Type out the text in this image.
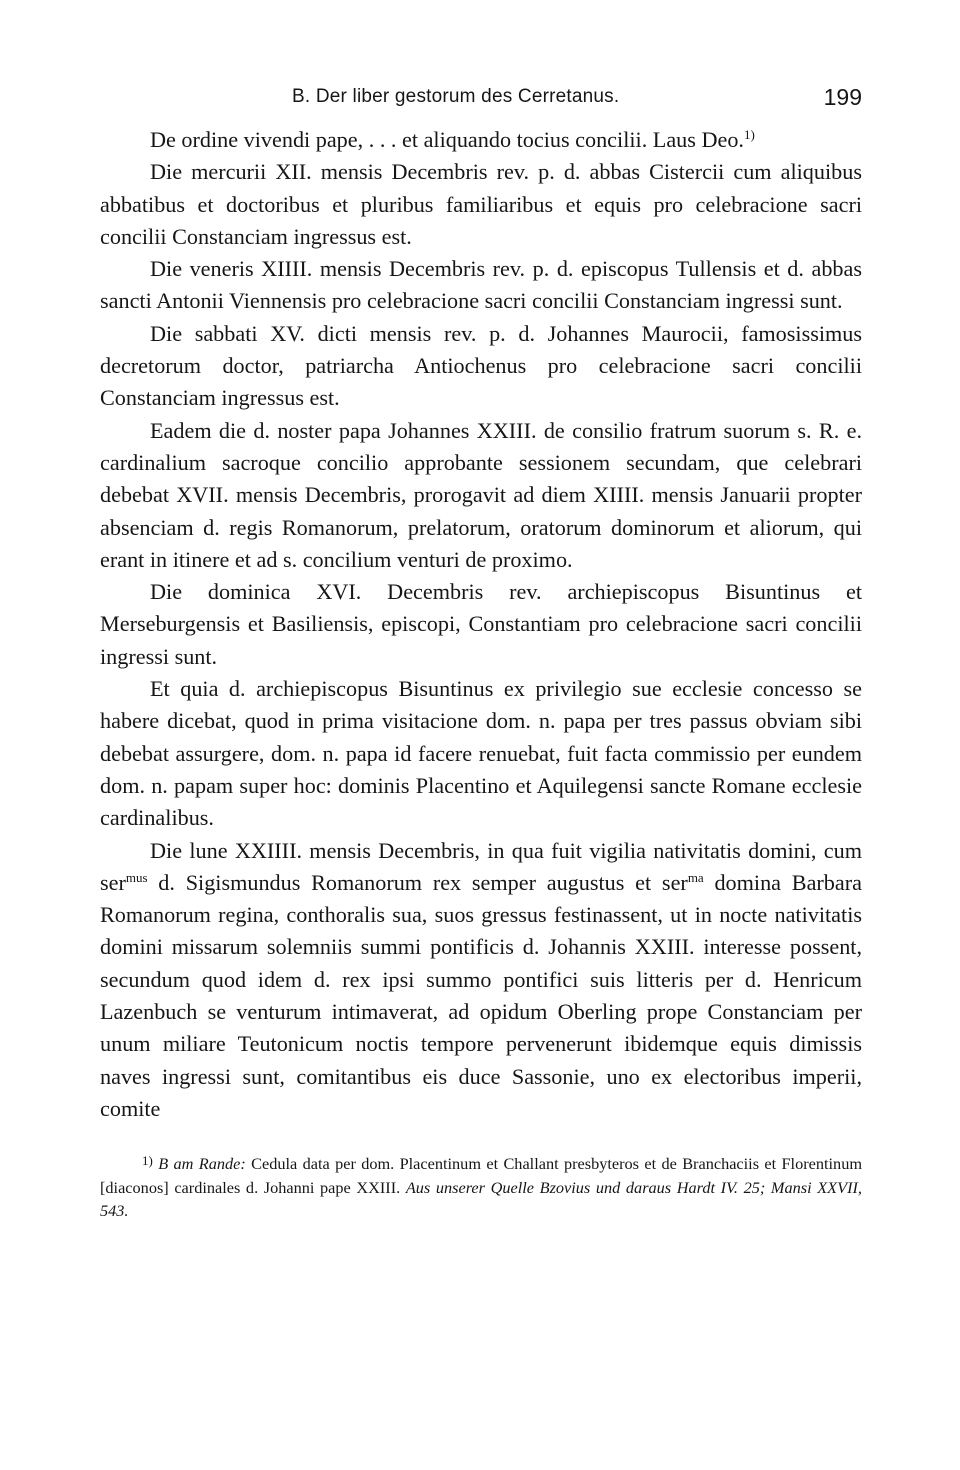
B. Der liber gestorum des Cerretanus.	199

De ordine vivendi pape, . . . et aliquando tocius concilii. Laus Deo.$^{1)}$

Die mercurii XII. mensis Decembris rev. p. d. abbas Cistercii cum aliquibus abbatibus et doctoribus et pluribus familiaribus et equis pro celebracione sacri concilii Constanciam ingressus est.

Die veneris XIIII. mensis Decembris rev. p. d. episcopus Tullensis et d. abbas sancti Antonii Viennensis pro celebracione sacri concilii Constanciam ingressi sunt.

Die sabbati XV. dicti mensis rev. p. d. Johannes Maurocii, famosissimus decretorum doctor, patriarcha Antiochenus pro celebracione sacri concilii Constanciam ingressus est.

Eadem die d. noster papa Johannes XXIII. de consilio fratrum suorum s. R. e. cardinalium sacroque concilio approbante sessionem secundam, que celebrari debebat XVII. mensis Decembris, prorogavit ad diem XIIII. mensis Januarii propter absenciam d. regis Romanorum, prelatorum, oratorum dominorum et aliorum, qui erant in itinere et ad s. concilium venturi de proximo.

Die dominica XVI. Decembris rev. archiepiscopus Bisuntinus et Merseburgensis et Basiliensis, episcopi, Constantiam pro celebracione sacri concilii ingressi sunt.

Et quia d. archiepiscopus Bisuntinus ex privilegio sue ecclesie concesso se habere dicebat, quod in prima visitacione dom. n. papa per tres passus obviam sibi debebat assurgere, dom. n. papa id facere renuebat, fuit facta commissio per eundem dom. n. papam super hoc: dominis Placentino et Aquilegensi sancte Romane ecclesie cardinalibus.

Die lune XXIIII. mensis Decembris, in qua fuit vigilia nativitatis domini, cum ser$^{mus}$ d. Sigismundus Romanorum rex semper augustus et ser$^{ma}$ domina Barbara Romanorum regina, conthoralis sua, suos gressus festinassent, ut in nocte nativitatis domini missarum solemniis summi pontificis d. Johannis XXIII. interesse possent, secundum quod idem d. rex ipsi summo pontifici suis litteris per d. Henricum Lazenbuch se venturum intimaverat, ad opidum Oberling prope Constanciam per unum miliare Teutonicum noctis tempore pervenerunt ibidemque equis dimissis naves ingressi sunt, comitantibus eis duce Sassonie, uno ex electoribus imperii, comite

$^{1)}$ B am Rande: Cedula data per dom. Placentinum et Challant presbyteros et de Branchaciis et Florentinum [diaconos] cardinales d. Johanni pape XXIII. Aus unserer Quelle Bzovius und daraus Hardt IV. 25; Mansi XXVII, 543.
